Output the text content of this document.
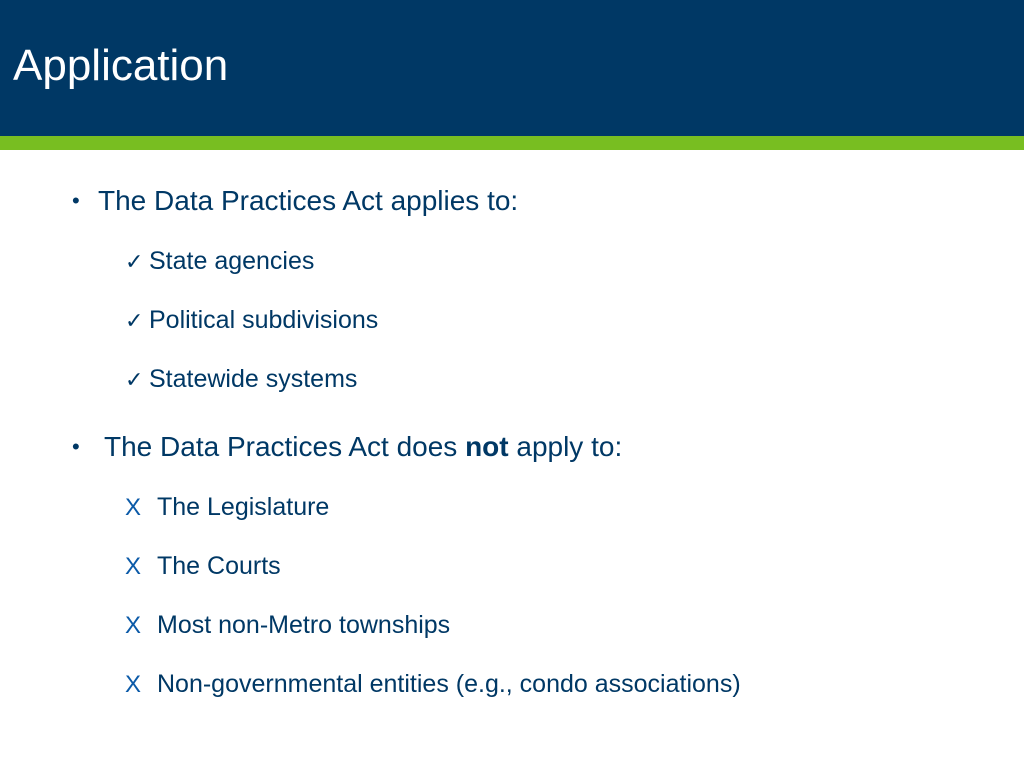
Application
• The Data Practices Act applies to:
✓ State agencies
✓ Political subdivisions
✓ Statewide systems
• The Data Practices Act does not apply to:
X The Legislature
X The Courts
X Most non-Metro townships
X Non-governmental entities (e.g., condo associations)
